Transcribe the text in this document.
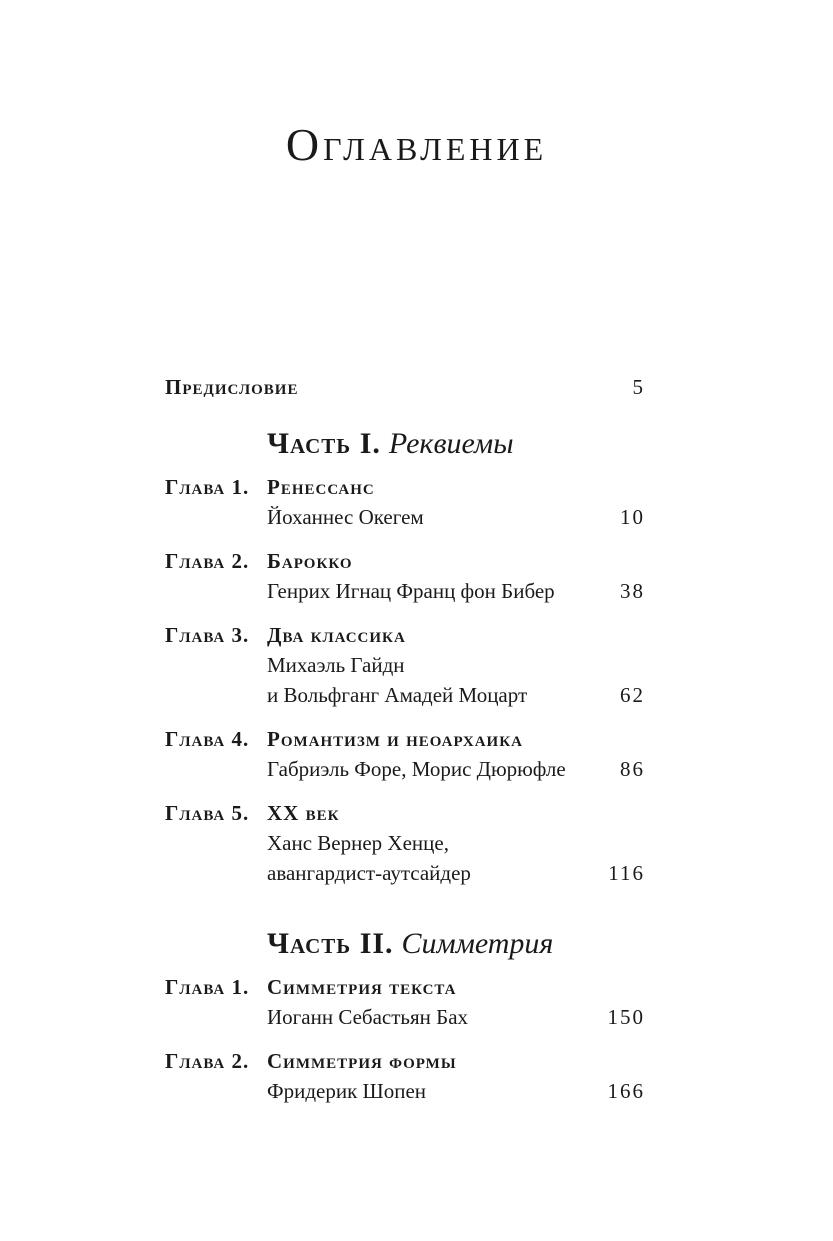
Оглавление
Предисловие	5
Часть I. Реквиемы
Глава 1. Ренессанс
Йоханнес Окегем	10
Глава 2. Барокко
Генрих Игнац Франц фон Бибер	38
Глава 3. Два классика
Михаэль Гайдн
и Вольфганг Амадей Моцарт	62
Глава 4. Романтизм и неоархаика
Габриэль Форе, Морис Дюрюфле	86
Глава 5. XX век
Ханс Вернер Хенце,
авангардист-аутсайдер	116
Часть II. Симметрия
Глава 1. Симметрия текста
Иоганн Себастьян Бах	150
Глава 2. Симметрия формы
Фридерик Шопен	166
